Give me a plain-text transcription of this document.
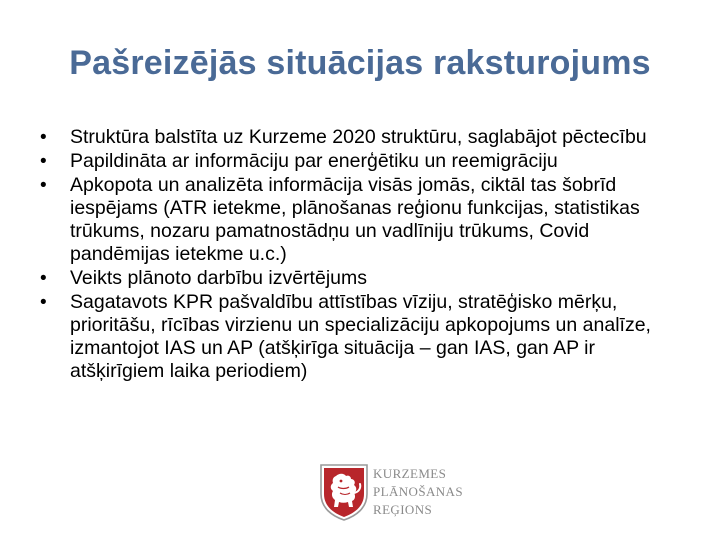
Pašreizējās situācijas raksturojums
•	Struktūra balstīta uz Kurzeme 2020 struktūru, saglabājot pēctecību
•	Papildināta ar informāciju par enerģētiku un reemigrāciju
•	Apkopota un analizēta informācija visās jomās, ciktāl tas šobrīd iespējams (ATR ietekme, plānošanas reģionu funkcijas, statistikas trūkums, nozaru pamatnostādņu un vadlīniju trūkums, Covid pandēmijas ietekme u.c.)
•	Veikts plānoto darbību izvērtējums
•	Sagatavots KPR pašvaldību attīstības vīziju, stratēģisko mērķu, prioritāšu, rīcības virzienu un specializāciju apkopojums un analīze, izmantojot IAS un AP (atšķirīga situācija – gan IAS, gan AP ir atšķirīgiem laika periodiem)
KURZEMES
PLĀNOŠANAS
REĢIONS
